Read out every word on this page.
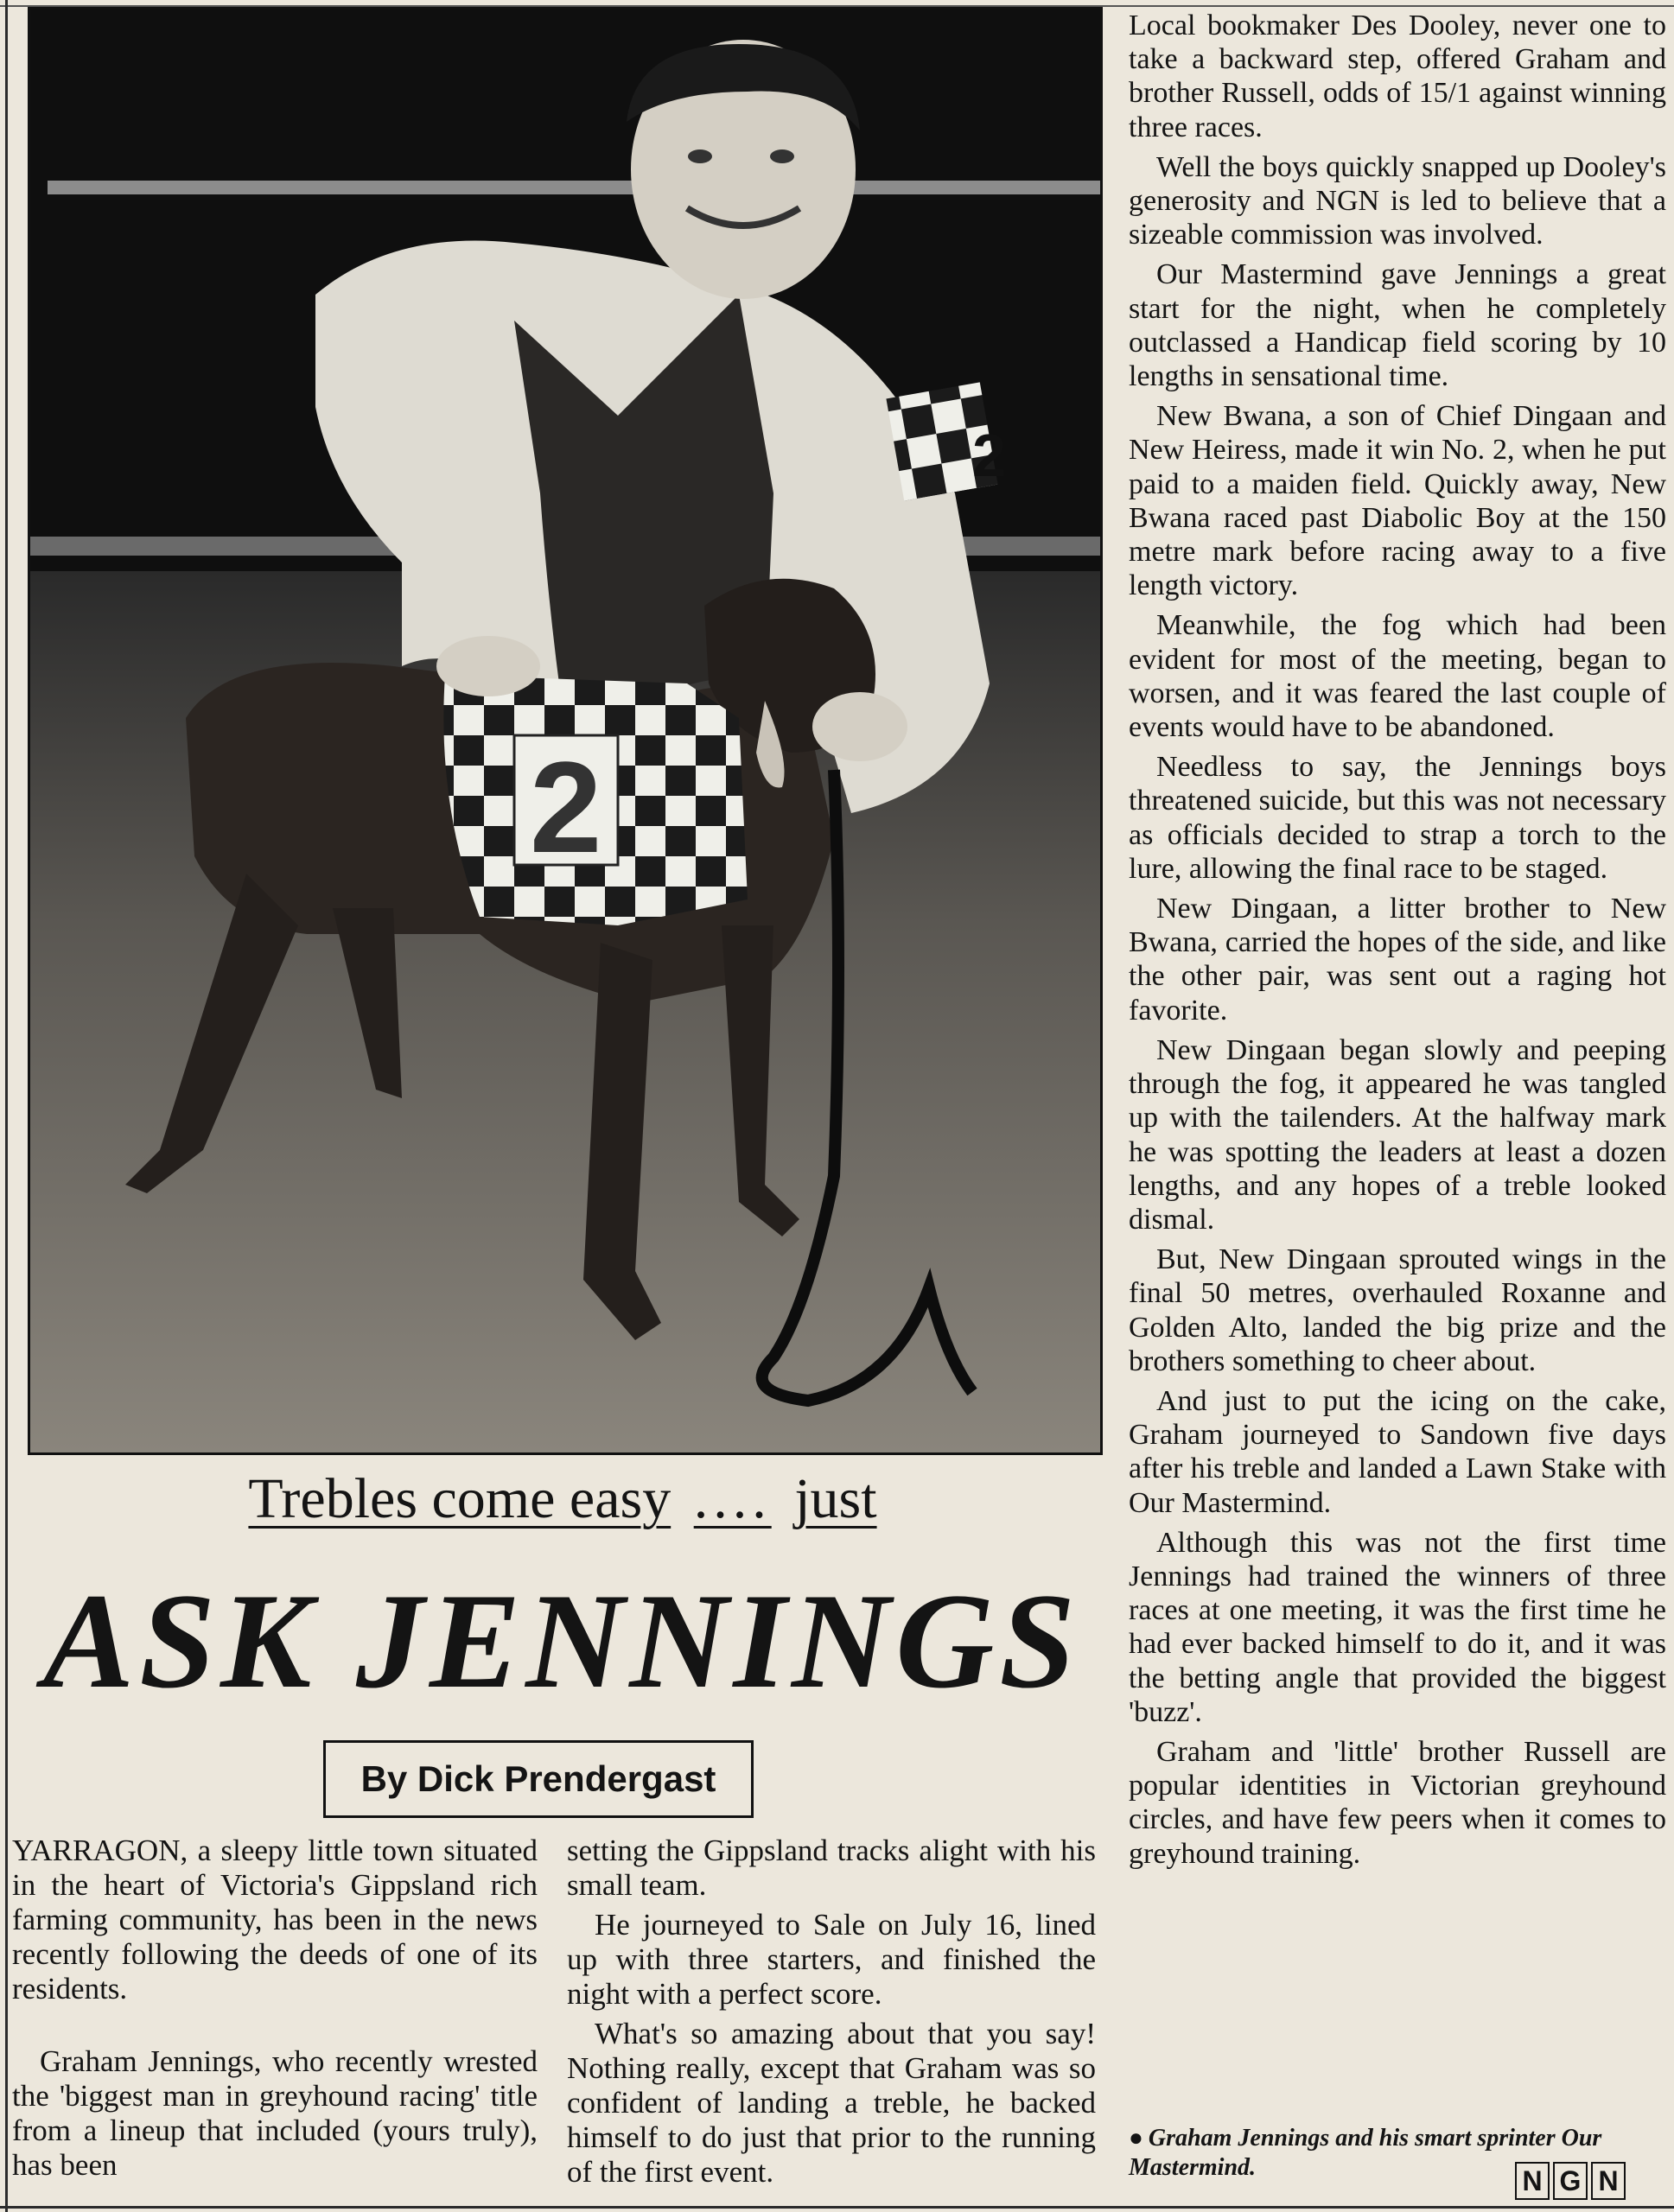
2
2
Trebles come easy .... just
ASK JENNINGS
By Dick Prendergast

YARRAGON, a sleepy little town situated in the heart of Victoria's Gippsland rich farming community, has been in the news recently following the deeds of one of its residents.

Graham Jennings, who recently wrested the 'biggest man in greyhound racing' title from a lineup that included (yours truly), has been

setting the Gippsland tracks alight with his small team.

He journeyed to Sale on July 16, lined up with three starters, and finished the night with a perfect score.

What's so amazing about that you say! Nothing really, except that Graham was so confident of landing a treble, he backed himself to do just that prior to the running of the first event.

Local bookmaker Des Dooley, never one to take a backward step, offered Graham and brother Russell, odds of 15/1 against winning three races.

Well the boys quickly snapped up Dooley's generosity and NGN is led to believe that a sizeable commission was involved.

Our Mastermind gave Jennings a great start for the night, when he completely outclassed a Handicap field scoring by 10 lengths in sensational time.

New Bwana, a son of Chief Dingaan and New Heiress, made it win No. 2, when he put paid to a maiden field. Quickly away, New Bwana raced past Diabolic Boy at the 150 metre mark before racing away to a five length victory.

Meanwhile, the fog which had been evident for most of the meeting, began to worsen, and it was feared the last couple of events would have to be abandoned.

Needless to say, the Jennings boys threatened suicide, but this was not necessary as officials decided to strap a torch to the lure, allowing the final race to be staged.

New Dingaan, a litter brother to New Bwana, carried the hopes of the side, and like the other pair, was sent out a raging hot favorite.

New Dingaan began slowly and peeping through the fog, it appeared he was tangled up with the tailenders. At the halfway mark he was spotting the leaders at least a dozen lengths, and any hopes of a treble looked dismal.

But, New Dingaan sprouted wings in the final 50 metres, overhauled Roxanne and Golden Alto, landed the big prize and the brothers something to cheer about.

And just to put the icing on the cake, Graham journeyed to Sandown five days after his treble and landed a Lawn Stake with Our Mastermind.

Although this was not the first time Jennings had trained the winners of three races at one meeting, it was the first time he had ever backed himself to do it, and it was the betting angle that provided the biggest 'buzz'.

Graham and 'little' brother Russell are popular identities in Victorian greyhound circles, and have few peers when it comes to greyhound training.

● Graham Jennings and his smart sprinter Our Mastermind.	N G N
